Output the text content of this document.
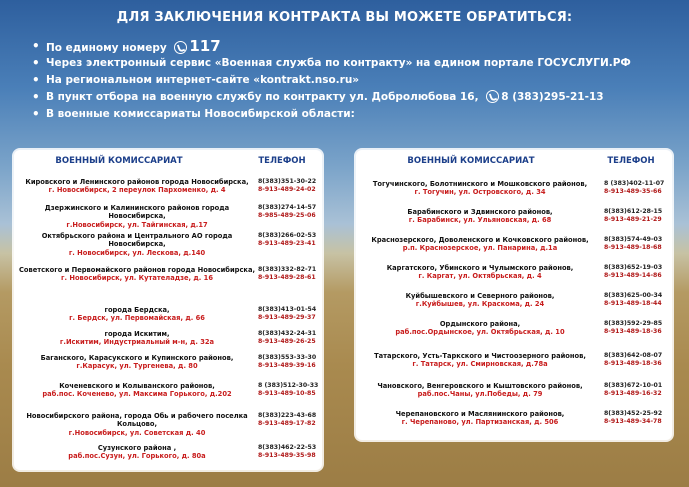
ДЛЯ ЗАКЛЮЧЕНИЯ КОНТРАКТА ВЫ МОЖЕТЕ ОБРАТИТЬСЯ:
• По единому номеру 117
• Через электронный сервис «Военная служба по контракту» на едином портале ГОСУСЛУГИ.РФ
• На региональном интернет-сайте «kontrakt.nso.ru»
• В пункт отбора на военную службу по контракту ул. Добролюбова 16, 8 (383)295-21-13
• В военные комиссариаты Новосибирской области:
ВОЕННЫЙ КОМИССАРИАТ	ТЕЛЕФОН
Кировского и Ленинского районов города Новосибирска,
г. Новосибирск, 2 переулок Пархоменко, д. 4
8(383)351-30-22
8-913-489-24-02
Дзержинского и Калининского районов города Новосибирска,
г.Новосибирск, ул. Тайгинская, д.17
8(383)274-14-57
8-985-489-25-06
Октябрьского района и Центрального АО города Новосибирска,
г. Новосибирск, ул. Лескова, д.140
8(383)266-02-53
8-913-489-23-41
Советского и Первомайского районов города Новосибирска,
г. Новосибирск, ул. Кутателадзе, д. 16
8(383)332-82-71
8-913-489-28-61
города Бердска,
г. Бердск, ул. Первомайская, д. 66
8(383)413-01-54
8-913-489-29-37
города Искитим,
г.Искитим, Индустриальный м-н, д. 32а
8(383)432-24-31
8-913-489-26-25
Баганского, Карасукского и Купинского районов,
г.Карасук, ул. Тургенева, д. 80
8(383)553-33-30
8-913-489-39-16
Коченевского и Колыванского районов,
раб.пос. Коченево, ул. Максима Горького, д.202
8 (383)512-30-33
8-913-489-10-85
Новосибирского района, города Обь и рабочего поселка Кольцово,
г.Новосибирск, ул. Советская д. 40
8(383)223-43-68
8-913-489-17-82
Сузунского района ,
раб.пос.Сузун, ул. Горького, д. 80а
8(383)462-22-53
8-913-489-35-98
ВОЕННЫЙ КОМИССАРИАТ	ТЕЛЕФОН
Тогучинского, Болотнинского и Мошковского районов,
г. Тогучин, ул. Островского, д. 34
8 (383)402-11-07
8-913-489-35-66
Барабинского и Здвинского районов,
г. Барабинск, ул. Ульяновская, д. 68
8(383)612-28-15
8-913-489-21-29
Краснозерского, Доволенского и Кочковского районов,
р.п. Краснозерское, ул. Панарина, д.1а
8(383)574-49-03
8-913-489-18-68
Каргатского, Убинского и Чулымского районов,
г. Каргат, ул. Октябрьская, д. 4
8(383)652-19-03
8-913-489-14-86
Куйбышевского и Северного районов,
г.Куйбышев, ул. Краскома, д. 24
8(383)625-00-34
8-913-489-18-44
Ордынского района,
раб.пос.Ордынское, ул. Октябрьская, д. 10
8(383)592-29-85
8-913-489-18-36
Татарского, Усть-Таркского и Чистоозерного районов,
г. Татарск, ул. Смирновская, д.78а
8(383)642-08-07
8-913-489-18-36
Чановского, Венгеровского и Кыштовского районов,
раб.пос.Чаны, ул.Победы, д. 79
8(383)672-10-01
8-913-489-16-32
Черепановского и Маслянинского районов,
г. Черепаново, ул. Партизанская, д. 506
8(383)452-25-92
8-913-489-34-78
